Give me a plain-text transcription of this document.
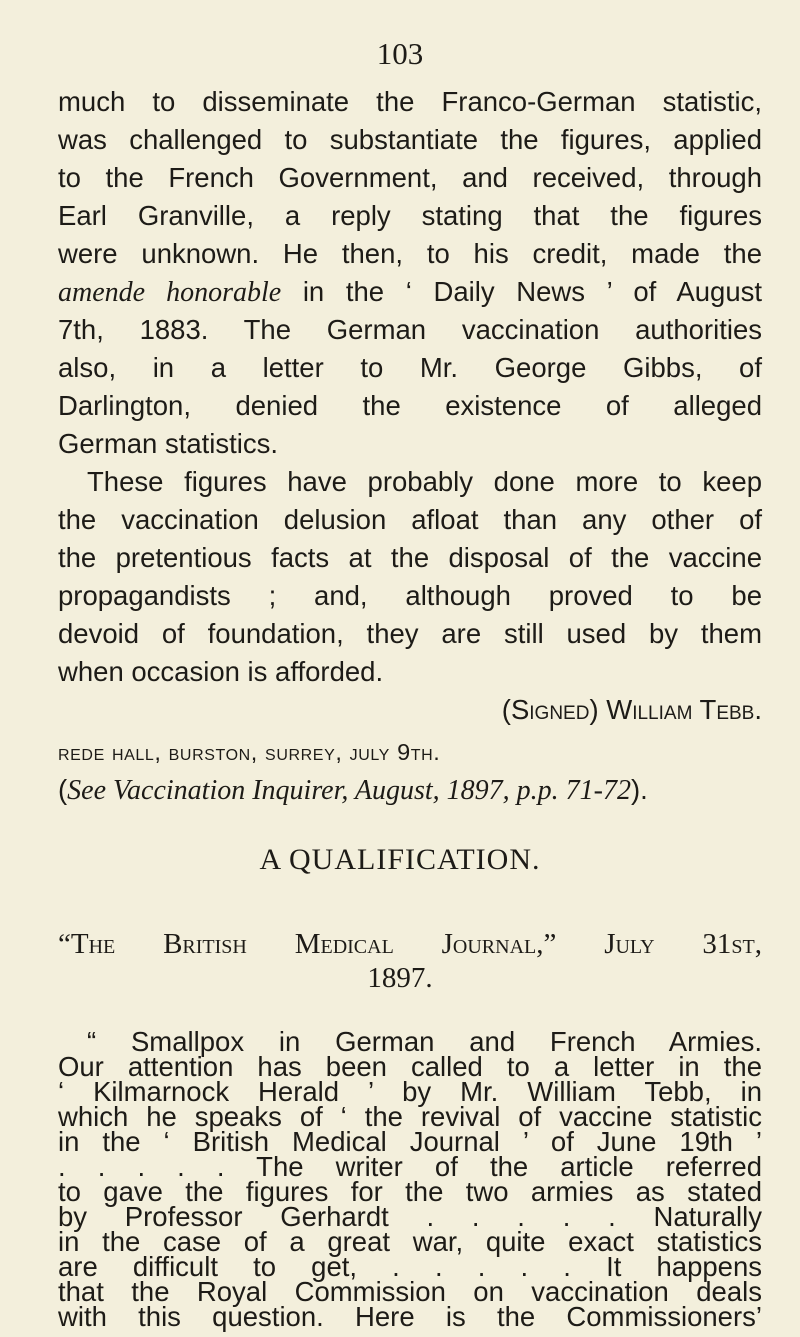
103
much to disseminate the Franco-German statistic,
was challenged to substantiate the figures, applied
to the French Government, and received, through
Earl Granville, a reply stating that the figures
were unknown. He then, to his credit, made the
amende honorable in the ‘ Daily News ’ of August
7th, 1883. The German vaccination authorities
also, in a letter to Mr. George Gibbs, of
Darlington, denied the existence of alleged
German statistics.
These figures have probably done more to keep
the vaccination delusion afloat than any other of
the pretentious facts at the disposal of the vaccine
propagandists ; and, although proved to be
devoid of foundation, they are still used by them
when occasion is afforded.
(Signed) William Tebb.
rede hall, burston, surrey, july 9th.
(See Vaccination Inquirer, August, 1897, p.p. 71-72).
A QUALIFICATION.
“The British Medical Journal,” July 31st,
1897.
“ Smallpox in German and French Armies.
Our attention has been called to a letter in the
‘ Kilmarnock Herald ’ by Mr. William Tebb, in
which he speaks of ‘ the revival of vaccine statistic
in the ‘ British Medical Journal ’ of June 19th ’
. . . . . The writer of the article referred
to gave the figures for the two armies as stated
by Professor Gerhardt . . . . . Naturally
in the case of a great war, quite exact statistics
are difficult to get, . . . . . It happens
that the Royal Commission on vaccination deals
with this question. Here is the Commissioners’
